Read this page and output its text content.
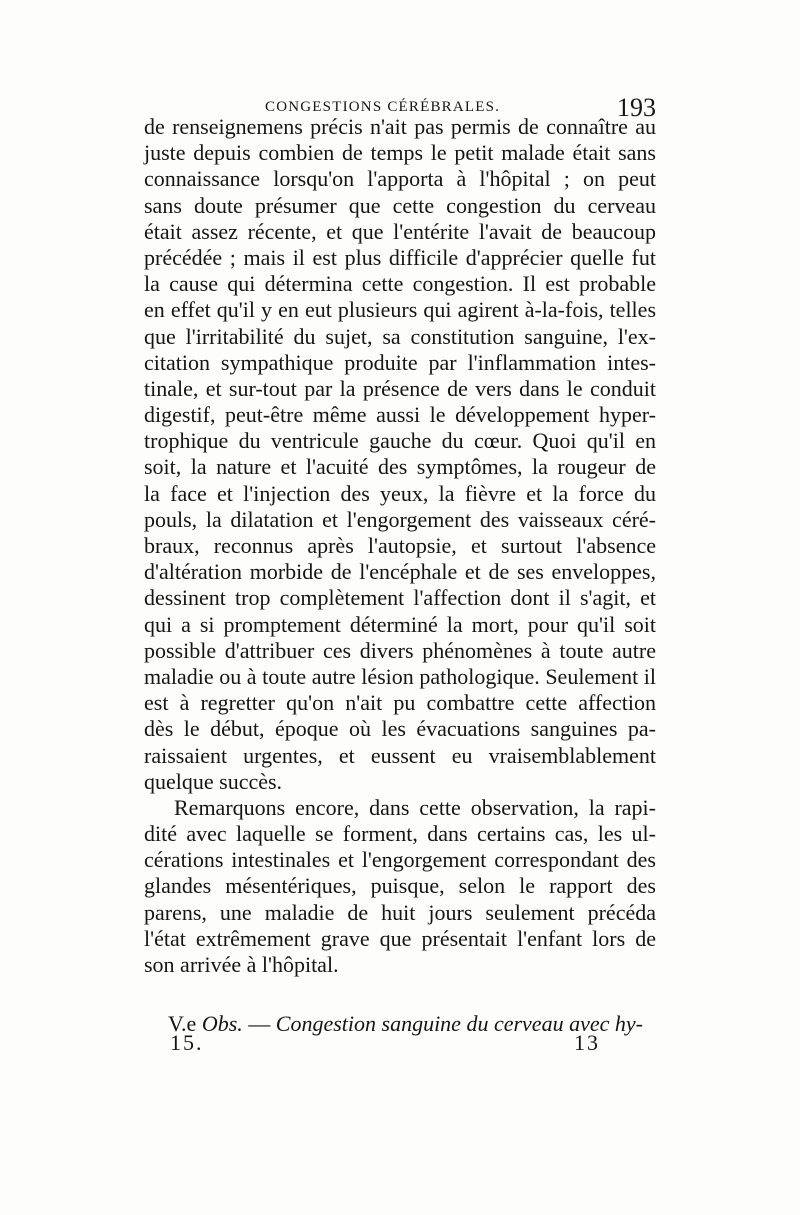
CONGESTIONS CÉRÉBRALES.	193
de renseignemens précis n'ait pas permis de connaître au
juste depuis combien de temps le petit malade était sans
connaissance lorsqu'on l'apporta à l'hôpital ; on peut
sans doute présumer que cette congestion du cerveau
était assez récente, et que l'entérite l'avait de beaucoup
précédée ; mais il est plus difficile d'apprécier quelle fut
la cause qui détermina cette congestion. Il est probable
en effet qu'il y en eut plusieurs qui agirent à-la-fois, telles
que l'irritabilité du sujet, sa constitution sanguine, l'ex-
citation sympathique produite par l'inflammation intes-
tinale, et sur-tout par la présence de vers dans le conduit
digestif, peut-être même aussi le développement hyper-
trophique du ventricule gauche du cœur. Quoi qu'il en
soit, la nature et l'acuité des symptômes, la rougeur de
la face et l'injection des yeux, la fièvre et la force du
pouls, la dilatation et l'engorgement des vaisseaux céré-
braux, reconnus après l'autopsie, et surtout l'absence
d'altération morbide de l'encéphale et de ses enveloppes,
dessinent trop complètement l'affection dont il s'agit, et
qui a si promptement déterminé la mort, pour qu'il soit
possible d'attribuer ces divers phénomènes à toute autre
maladie ou à toute autre lésion pathologique. Seulement il
est à regretter qu'on n'ait pu combattre cette affection
dès le début, époque où les évacuations sanguines pa-
raissaient urgentes, et eussent eu vraisemblablement
quelque succès.
Remarquons encore, dans cette observation, la rapi-
dité avec laquelle se forment, dans certains cas, les ul-
cérations intestinales et l'engorgement correspondant des
glandes mésentériques, puisque, selon le rapport des
parens, une maladie de huit jours seulement précéda
l'état extrêmement grave que présentait l'enfant lors de
son arrivée à l'hôpital.
V.e Obs. — Congestion sanguine du cerveau avec hy-
15.	13
